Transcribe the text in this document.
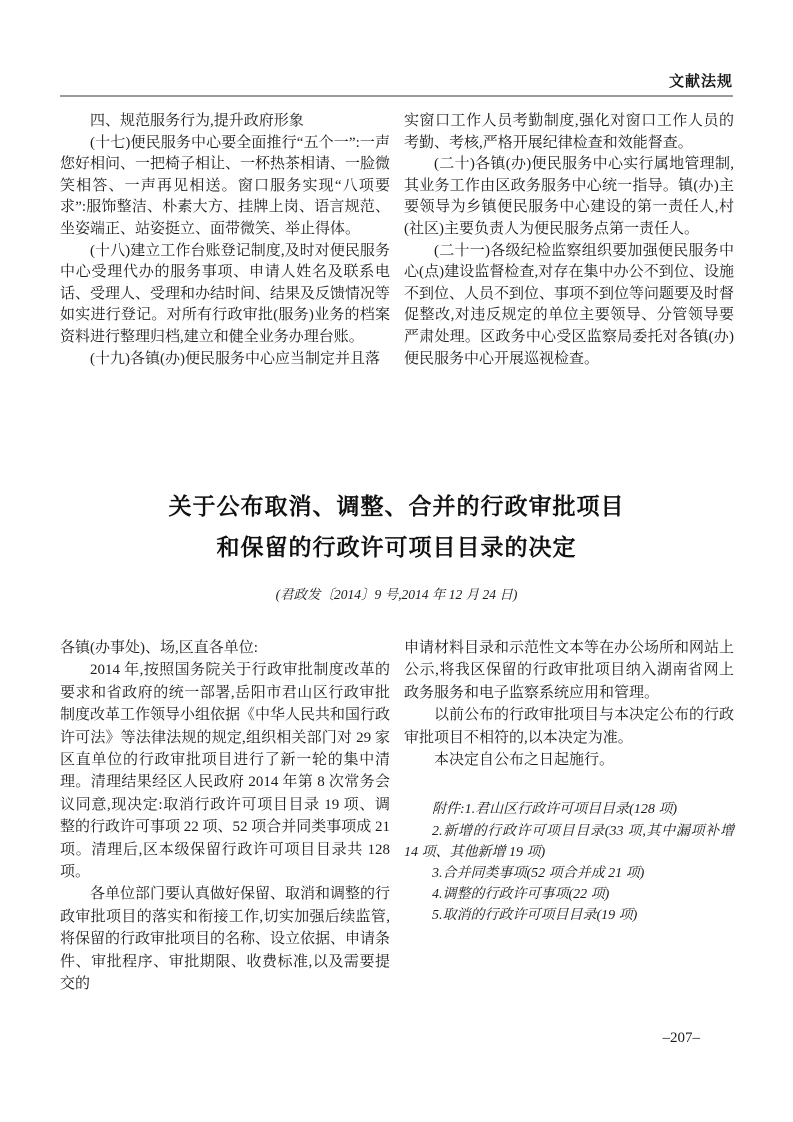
文献法规

四、规范服务行为,提升政府形象

(十七)便民服务中心要全面推行“五个一”:一声您好相问、一把椅子相让、一杯热茶相请、一脸微笑相答、一声再见相送。窗口服务实现“八项要求”:服饰整洁、朴素大方、挂牌上岗、语言规范、坐姿端正、站姿挺立、面带微笑、举止得体。

(十八)建立工作台账登记制度,及时对便民服务中心受理代办的服务事项、申请人姓名及联系电话、受理人、受理和办结时间、结果及反馈情况等如实进行登记。对所有行政审批(服务)业务的档案资料进行整理归档,建立和健全业务办理台账。

(十九)各镇(办)便民服务中心应当制定并且落

实窗口工作人员考勤制度,强化对窗口工作人员的考勤、考核,严格开展纪律检查和效能督查。

(二十)各镇(办)便民服务中心实行属地管理制,其业务工作由区政务服务中心统一指导。镇(办)主要领导为乡镇便民服务中心建设的第一责任人,村(社区)主要负责人为便民服务点第一责任人。

(二十一)各级纪检监察组织要加强便民服务中心(点)建设监督检查,对存在集中办公不到位、设施不到位、人员不到位、事项不到位等问题要及时督促整改,对违反规定的单位主要领导、分管领导要严肃处理。区政务中心受区监察局委托对各镇(办)便民服务中心开展巡视检查。

关于公布取消、调整、合并的行政审批项目
和保留的行政许可项目目录的决定
(君政发〔2014〕9 号,2014 年 12 月 24 日)

各镇(办事处)、场,区直各单位:

2014 年,按照国务院关于行政审批制度改革的要求和省政府的统一部署,岳阳市君山区行政审批制度改革工作领导小组依据《中华人民共和国行政许可法》等法律法规的规定,组织相关部门对 29 家区直单位的行政审批项目进行了新一轮的集中清理。清理结果经区人民政府 2014 年第 8 次常务会议同意,现决定:取消行政许可项目目录 19 项、调整的行政许可事项 22 项、52 项合并同类事项成 21 项。清理后,区本级保留行政许可项目目录共 128 项。

各单位部门要认真做好保留、取消和调整的行政审批项目的落实和衔接工作,切实加强后续监管,将保留的行政审批项目的名称、设立依据、申请条件、审批程序、审批期限、收费标准,以及需要提交的

申请材料目录和示范性文本等在办公场所和网站上公示,将我区保留的行政审批项目纳入湖南省网上政务服务和电子监察系统应用和管理。

以前公布的行政审批项目与本决定公布的行政审批项目不相符的,以本决定为准。

本决定自公布之日起施行。

附件:1.君山区行政许可项目目录(128 项)

2.新增的行政许可项目目录(33 项,其中漏项补增 14 项、其他新增 19 项)

3.合并同类事项(52 项合并成 21 项)

4.调整的行政许可事项(22 项)

5.取消的行政许可项目目录(19 项)

–207–
